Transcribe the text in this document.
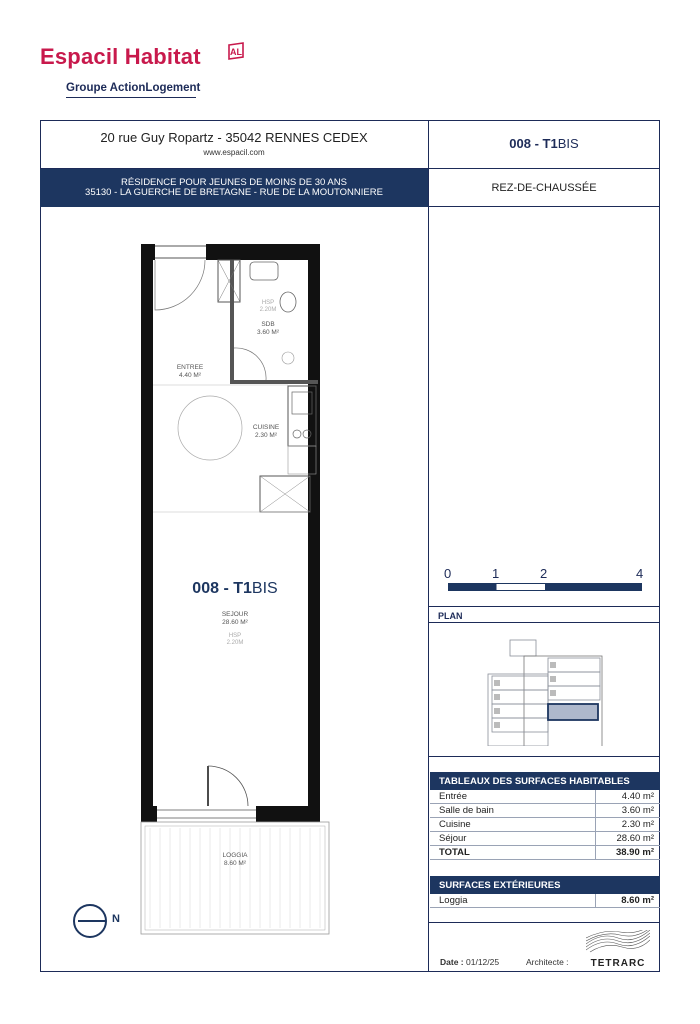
Espacil Habitat	AL
Groupe ActionLogement
20 rue Guy Ropartz - 35042 RENNES CEDEX
www.espacil.com
RÉSIDENCE POUR JEUNES DE MOINS DE 30 ANS
35130 - LA GUERCHE DE BRETAGNE - RUE DE LA MOUTONNIERE
008 - T1BIS
REZ-DE-CHAUSSÉE
HSP
2.20M
SDB
3.60 M²
ENTREE
4.40 M²
CUISINE
2.30 M²
008 - T1BIS
SEJOUR
28.60 M²
HSP
2.20M
LOGGIA
8.60 M²
N
0	1	2	4
PLAN
TABLEAUX DES SURFACES HABITABLES
Entrée	4.40 m²
Salle de bain	3.60 m²
Cuisine	2.30 m²
Séjour	28.60 m²
TOTAL	38.90 m²
SURFACES EXTÉRIEURES
Loggia	8.60 m²
Date : 01/12/25	Architecte : TETRARC
